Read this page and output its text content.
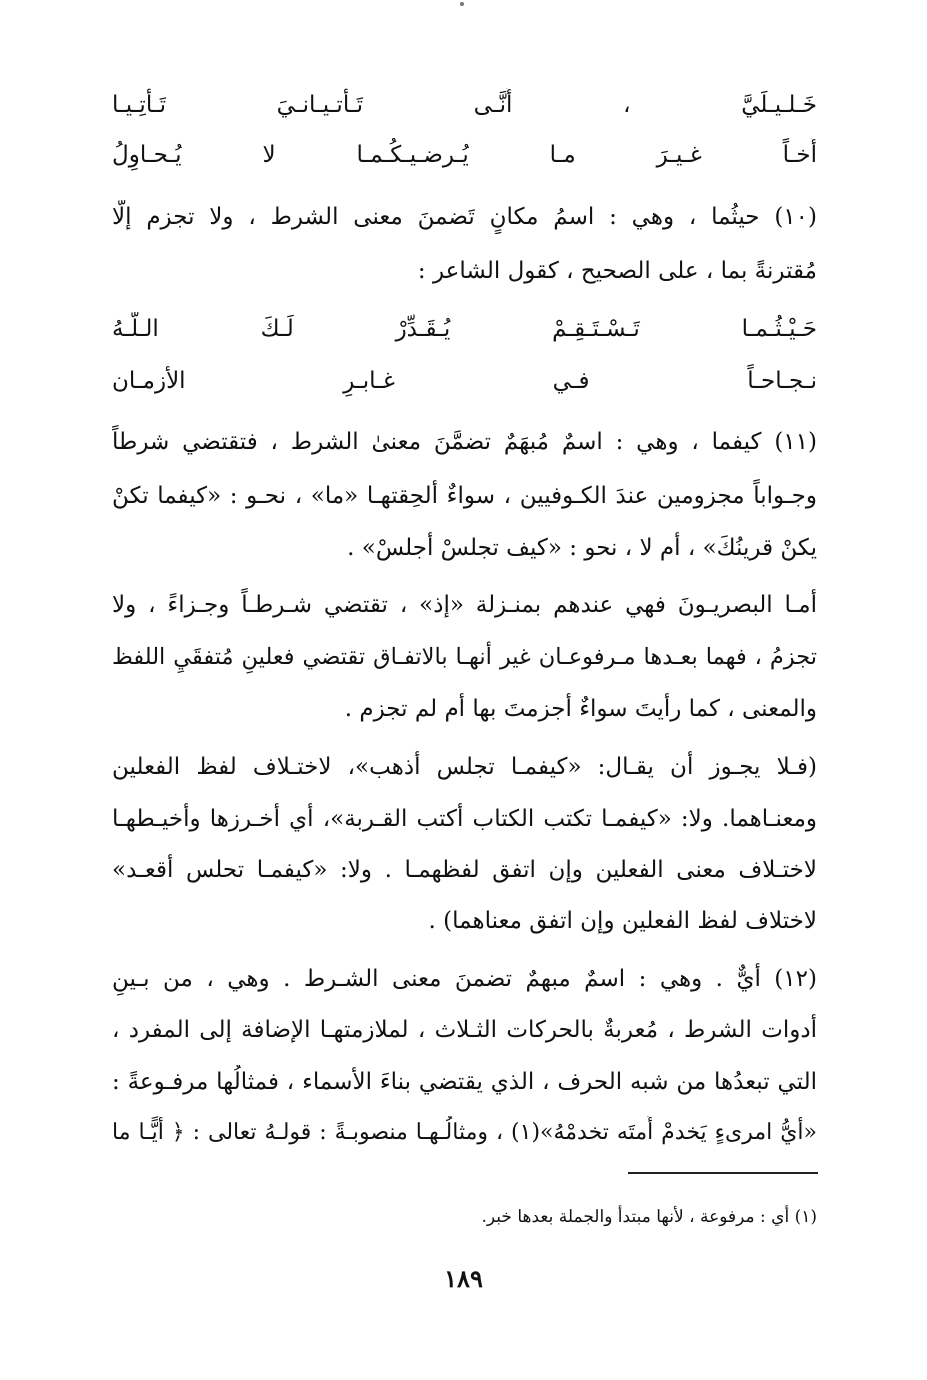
خَـلـيـلَيَّ ، أَنَّـى تَـأْتـيـانـيَ تَـأتِـيـا
أَخـاً غـيـرَ مـا يُـرضـيـكُـمـا لا يُـحـاوِلُ
(١٠) حيثُما ، وهي : اسمُ مكانٍ تَضمنَ معنى الشرط ، ولا تجزم إلّا
مُقترنةً بما ، على الصحيح ، كقول الشاعر :
حَـيْـثُـمـا تَـسْـتَـقِـمْ يُـقَـدِّرْ لَـكَ الـلّـهُ
نـجـاحـاً فـي غـابـرِ الأزمـان
(١١) كيفما ، وهي : اسمٌ مُبهَمٌ تضمَّنَ معنىٰ الشرط ، فتقتضي شرطاً
وجـواباً مجزومين عندَ الكـوفيين ، سواءٌ ألحِقتهـا «ما» ، نحـو : «كيفما تكنْ
يكنْ قرينُكَ» ، أم لا ، نحو : «كيف تجلسْ أجلسْ» .
أمـا البصريـونَ فهي عندهم بمنـزلة «إذ» ، تقتضي شـرطـاً وجـزاءً ، ولا
تجزمُ ، فهما بعـدها مـرفوعـان غير أنهـا بالاتفـاق تقتضي فعلينِ مُتفقَيِ اللفظ
والمعنى ، كما رأيتَ سواءٌ أجزمتَ بها أم لم تجزم .
(فـلا يجـوز أن يقـال: «كيفمـا تجلس أذهب»، لاختـلاف لفظ الفعلين
ومعنـاهما. ولا: «كيفمـا تكتب الكتاب أكتب القـربة»، أي أخـرزها وأخيـطهـا
لاختـلاف معنى الفعلين وإن اتفق لفظهمـا . ولا: «كيفمـا تحلس أقعـد»
لاختلاف لفظ الفعلين وإن اتفق معناهما) .
(١٢) أيٌّ . وهي : اسمٌ مبهمٌ تضمنَ معنى الشـرط . وهي ، من بـينِ
أدوات الشرط ، مُعربةٌ بالحركات الثـلاث ، لملازمتهـا الإضافة إلى المفرد ،
التي تبعدُها من شبه الحرف ، الذي يقتضي بناءَ الأسماء ، فمثالُها مرفـوعةً :
«أيُّ امرىءٍ يَخدمْ أُمتَه تخدمْهُ»(١) ، ومثالُـهـا منصوبـةً : قولـهُ تعالى : ﴿ أَيًّـا ما
(١) أي : مرفوعة ، لأنها مبتدأ والجملة بعدها خبر.
١٨٩
